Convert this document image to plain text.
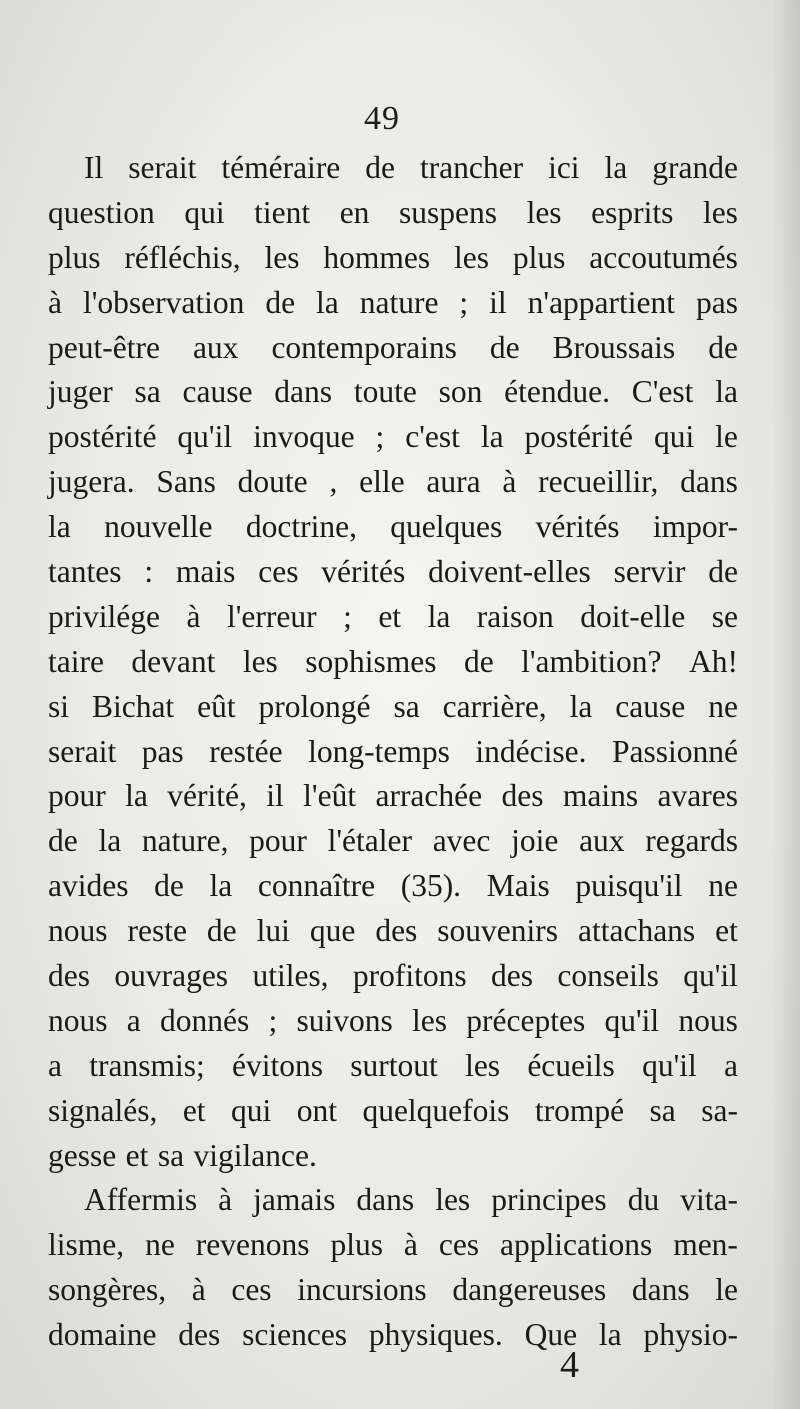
49
Il serait téméraire de trancher ici la grande
question qui tient en suspens les esprits les
plus réfléchis, les hommes les plus accoutumés
à l'observation de la nature ; il n'appartient pas
peut-être aux contemporains de Broussais de
juger sa cause dans toute son étendue. C'est la
postérité qu'il invoque ; c'est la postérité qui le
jugera. Sans doute , elle aura à recueillir, dans
la nouvelle doctrine, quelques vérités impor-
tantes : mais ces vérités doivent-elles servir de
privilége à l'erreur ; et la raison doit-elle se
taire devant les sophismes de l'ambition? Ah!
si Bichat eût prolongé sa carrière, la cause ne
serait pas restée long-temps indécise. Passionné
pour la vérité, il l'eût arrachée des mains avares
de la nature, pour l'étaler avec joie aux regards
avides de la connaître (35). Mais puisqu'il ne
nous reste de lui que des souvenirs attachans et
des ouvrages utiles, profitons des conseils qu'il
nous a donnés ; suivons les préceptes qu'il nous
a transmis; évitons surtout les écueils qu'il a
signalés, et qui ont quelquefois trompé sa sa-
gesse et sa vigilance.
Affermis à jamais dans les principes du vita-
lisme, ne revenons plus à ces applications men-
songères, à ces incursions dangereuses dans le
domaine des sciences physiques. Que la physio-
4
